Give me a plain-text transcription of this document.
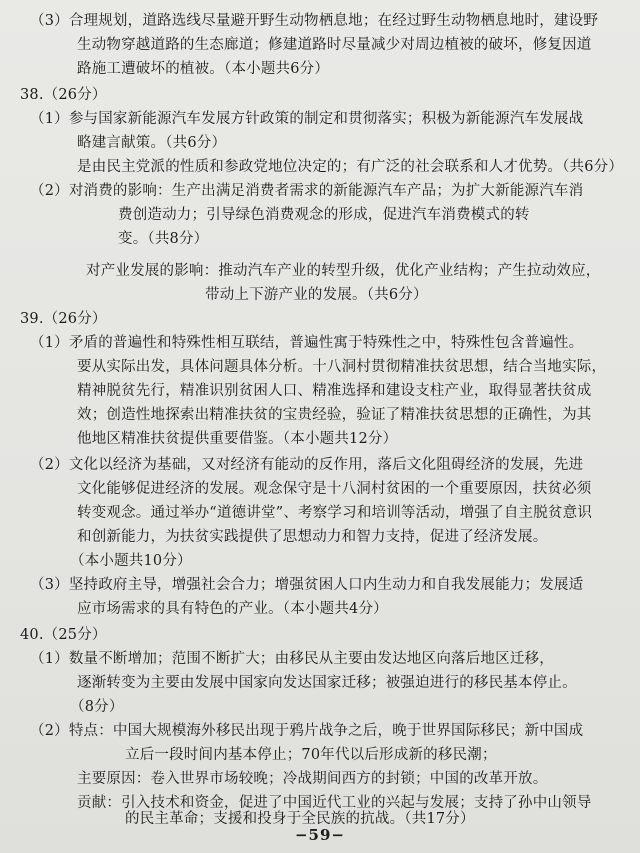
（3）合理规划，道路选线尽量避开野生动物栖息地；在经过野生动物栖息地时，建设野
生动物穿越道路的生态廊道；修建道路时尽量减少对周边植被的破坏，修复因道
路施工遭破坏的植被。（本小题共6分）
38.（26分）
（1）参与国家新能源汽车发展方针政策的制定和贯彻落实；积极为新能源汽车发展战
略建言献策。（共6分）
是由民主党派的性质和参政党地位决定的；有广泛的社会联系和人才优势。（共6分）
（2）对消费的影响：生产出满足消费者需求的新能源汽车产品；为扩大新能源汽车消
费创造动力；引导绿色消费观念的形成，促进汽车消费模式的转
变。（共8分）
对产业发展的影响：推动汽车产业的转型升级，优化产业结构；产生拉动效应，
带动上下游产业的发展。（共6分）
39.（26分）
（1）矛盾的普遍性和特殊性相互联结，普遍性寓于特殊性之中，特殊性包含普遍性。
要从实际出发，具体问题具体分析。十八洞村贯彻精准扶贫思想，结合当地实际，
精神脱贫先行，精准识别贫困人口、精准选择和建设支柱产业，取得显著扶贫成
效；创造性地探索出精准扶贫的宝贵经验，验证了精准扶贫思想的正确性，为其
他地区精准扶贫提供重要借鉴。（本小题共12分）
（2）文化以经济为基础，又对经济有能动的反作用，落后文化阻碍经济的发展，先进
文化能够促进经济的发展。观念保守是十八洞村贫困的一个重要原因，扶贫必须
转变观念。通过举办“道德讲堂”、考察学习和培训等活动，增强了自主脱贫意识
和创新能力，为扶贫实践提供了思想动力和智力支持，促进了经济发展。
（本小题共10分）
（3）坚持政府主导，增强社会合力；增强贫困人口内生动力和自我发展能力；发展适
应市场需求的具有特色的产业。（本小题共4分）
40.（25分）
（1）数量不断增加；范围不断扩大；由移民从主要由发达地区向落后地区迁移，
逐渐转变为主要由发展中国家向发达国家迁移；被强迫进行的移民基本停止。
（8分）
（2）特点：中国大规模海外移民出现于鸦片战争之后，晚于世界国际移民；新中国成
立后一段时间内基本停止；70年代以后形成新的移民潮；
主要原因：卷入世界市场较晚；冷战期间西方的封锁；中国的改革开放。
贡献：引入技术和资金，促进了中国近代工业的兴起与发展；支持了孙中山领导
的民主革命；支援和投身于全民族的抗战。（共17分）
−59−
